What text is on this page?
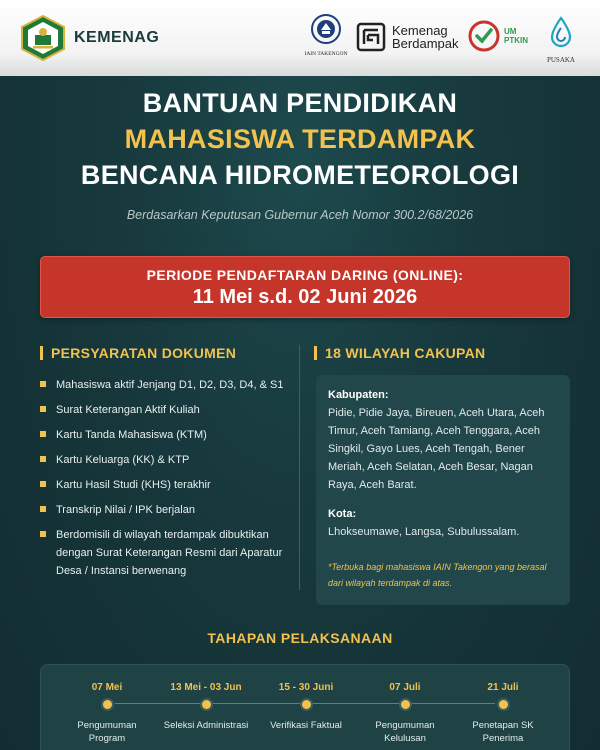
KEMENAG
IAIN TAKENGON
Kemenag
Berdampak
UM
PTKIN
PUSAKA
BANTUAN PENDIDIKAN
MAHASISWA TERDAMPAK
BENCANA HIDROMETEOROLOGI
Berdasarkan Keputusan Gubernur Aceh Nomor 300.2/68/2026
PERIODE PENDAFTARAN DARING (ONLINE):
11 Mei s.d. 02 Juni 2026
PERSYARATAN DOKUMEN
Mahasiswa aktif Jenjang D1, D2, D3, D4, & S1
Surat Keterangan Aktif Kuliah
Kartu Tanda Mahasiswa (KTM)
Kartu Keluarga (KK) & KTP
Kartu Hasil Studi (KHS) terakhir
Transkrip Nilai / IPK berjalan
Berdomisili di wilayah terdampak dibuktikan dengan Surat Keterangan Resmi dari Aparatur Desa / Instansi berwenang
18 WILAYAH CAKUPAN
Kabupaten:
Pidie, Pidie Jaya, Bireuen, Aceh Utara, Aceh Timur, Aceh Tamiang, Aceh Tenggara, Aceh Singkil, Gayo Lues, Aceh Tengah, Bener Meriah, Aceh Selatan, Aceh Besar, Nagan Raya, Aceh Barat.
Kota:
Lhokseumawe, Langsa, Subulussalam.
*Terbuka bagi mahasiswa IAIN Takengon yang berasal dari wilayah terdampak di atas.
TAHAPAN PELAKSANAAN
07 Mei
Pengumuman Program
13 Mei - 03 Jun
Seleksi Administrasi
15 - 30 Juni
Verifikasi Faktual
07 Juli
Pengumuman Kelulusan
21 Juli
Penetapan SK Penerima
